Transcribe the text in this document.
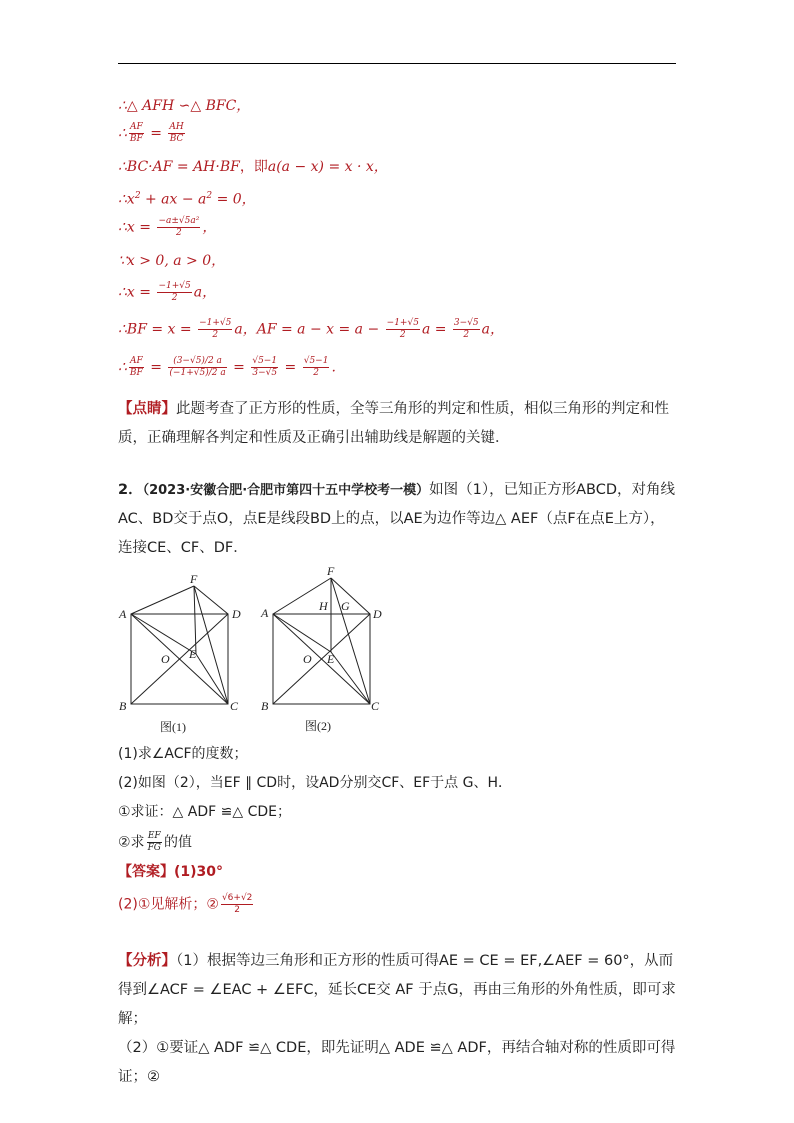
∴△ AFH ∽△ BFC，
∴ $\frac{AF}{BF} = \frac{AH}{BC}$
∴BC·AF = AH·BF，即a(a − x) = x · x，
$\therefore x^2$ + ax − $a^2 = 0$，
∴x = $\frac{\text{−a±√5a²}}{2}$ ，
∵x > 0, a > 0，
∴x = $\frac{-1+√5}{2}$ a，
∴BF = $x = \frac{-1+√5}{2}$ a，AF = $a - x = a - \frac{-1+√5}{2}$ $a = \frac{3-√5}{2}$ a，
∴ $\frac{AF}{BF} = \frac{(3-√5)/2 a}{(-1+√5)/2 a} = \frac{√5-1}{3-√5} = \frac{√5-1}{2}$ .
【点睛】此题考查了正方形的性质，全等三角形的判定和性质，相似三角形的判定和性质，正确理解各判定和性质及正确引出辅助线是解题的关键．
2．（2023·安徽合肥·合肥市第四十五中学校考一模）如图（1），已知正方形ABCD，对角线AC、BD交于点O，点E是线段BD上的点，以AE为边作等边△ AEF（点F在点E上方），连接CE、CF、DF．
F
A	D
O E
B	C
图(1)
F
H G
A	D
O E
B	C
图(2)
(1)求∠ACF的度数；
(2)如图（2），当EF ∥ CD时，设AD分别交CF、EF于点 G、H．
①求证：△ ADF ≌△ CDE；
②求 $\frac{EF}{FG}$ 的值
【答案】(1)30°
(2)①见解析；② $\frac{√6+√2}{2}$
【分析】（1）根据等边三角形和正方形的性质可得AE = CE = EF,∠AEF = 60°，从而得到∠ACF = ∠EAC + ∠EFC，延长CE交 AF 于点G，再由三角形的外角性质，即可求解；
（2）①要证△ ADF ≌△ CDE，即先证明△ ADE ≌△ ADF，再结合轴对称的性质即可得证；②
